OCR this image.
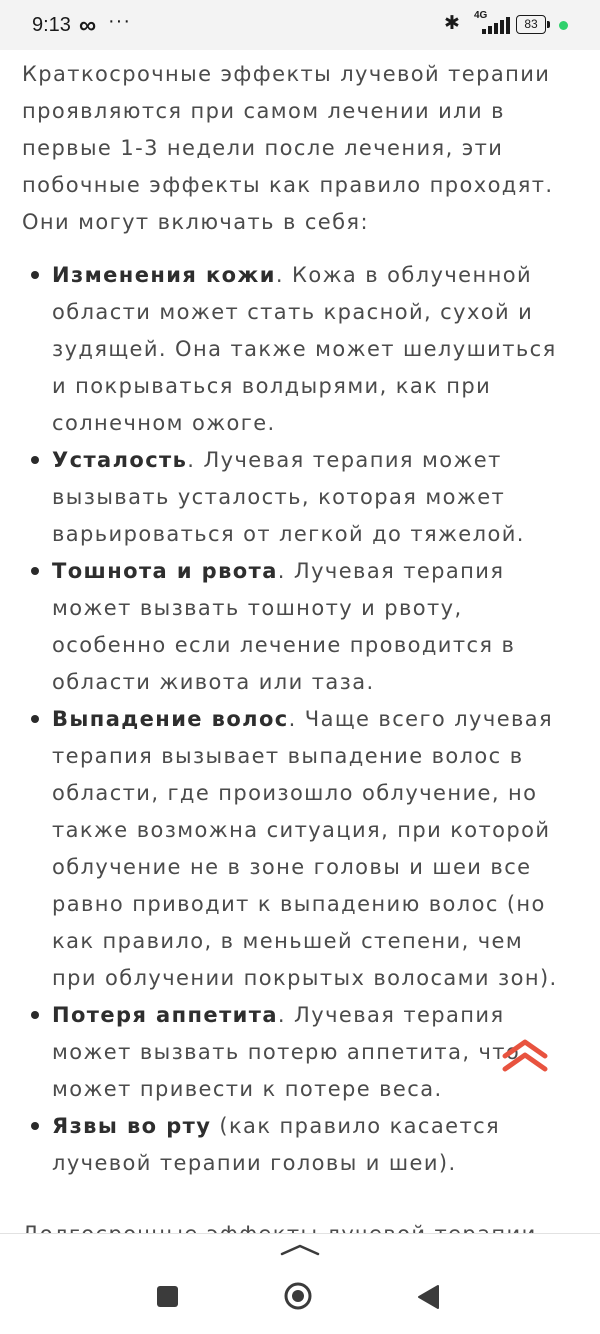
9:13 ∞ ···	✱ 4G
83

Краткосрочные эффекты лучевой терапии проявляются при самом лечении или в первые 1-3 недели после лечения, эти побочные эффекты как правило проходят. Они могут включать в себя:

Изменения кожи. Кожа в облученной области может стать красной, сухой и зудящей. Она также может шелушиться и покрываться волдырями, как при солнечном ожоге.
Усталость. Лучевая терапия может вызывать усталость, которая может варьироваться от легкой до тяжелой.
Тошнота и рвота. Лучевая терапия может вызвать тошноту и рвоту, особенно если лечение проводится в области живота или таза.
Выпадение волос. Чаще всего лучевая терапия вызывает выпадение волос в области, где произошло облучение, но также возможна ситуация, при которой облучение не в зоне головы и шеи все равно приводит к выпадению волос (но как правило, в меньшей степени, чем при облучении покрытых волосами зон).
Потеря аппетита. Лучевая терапия может вызвать потерю аппетита, что может привести к потере веса.
Язвы во рту (как правило касается лучевой терапии головы и шеи).
